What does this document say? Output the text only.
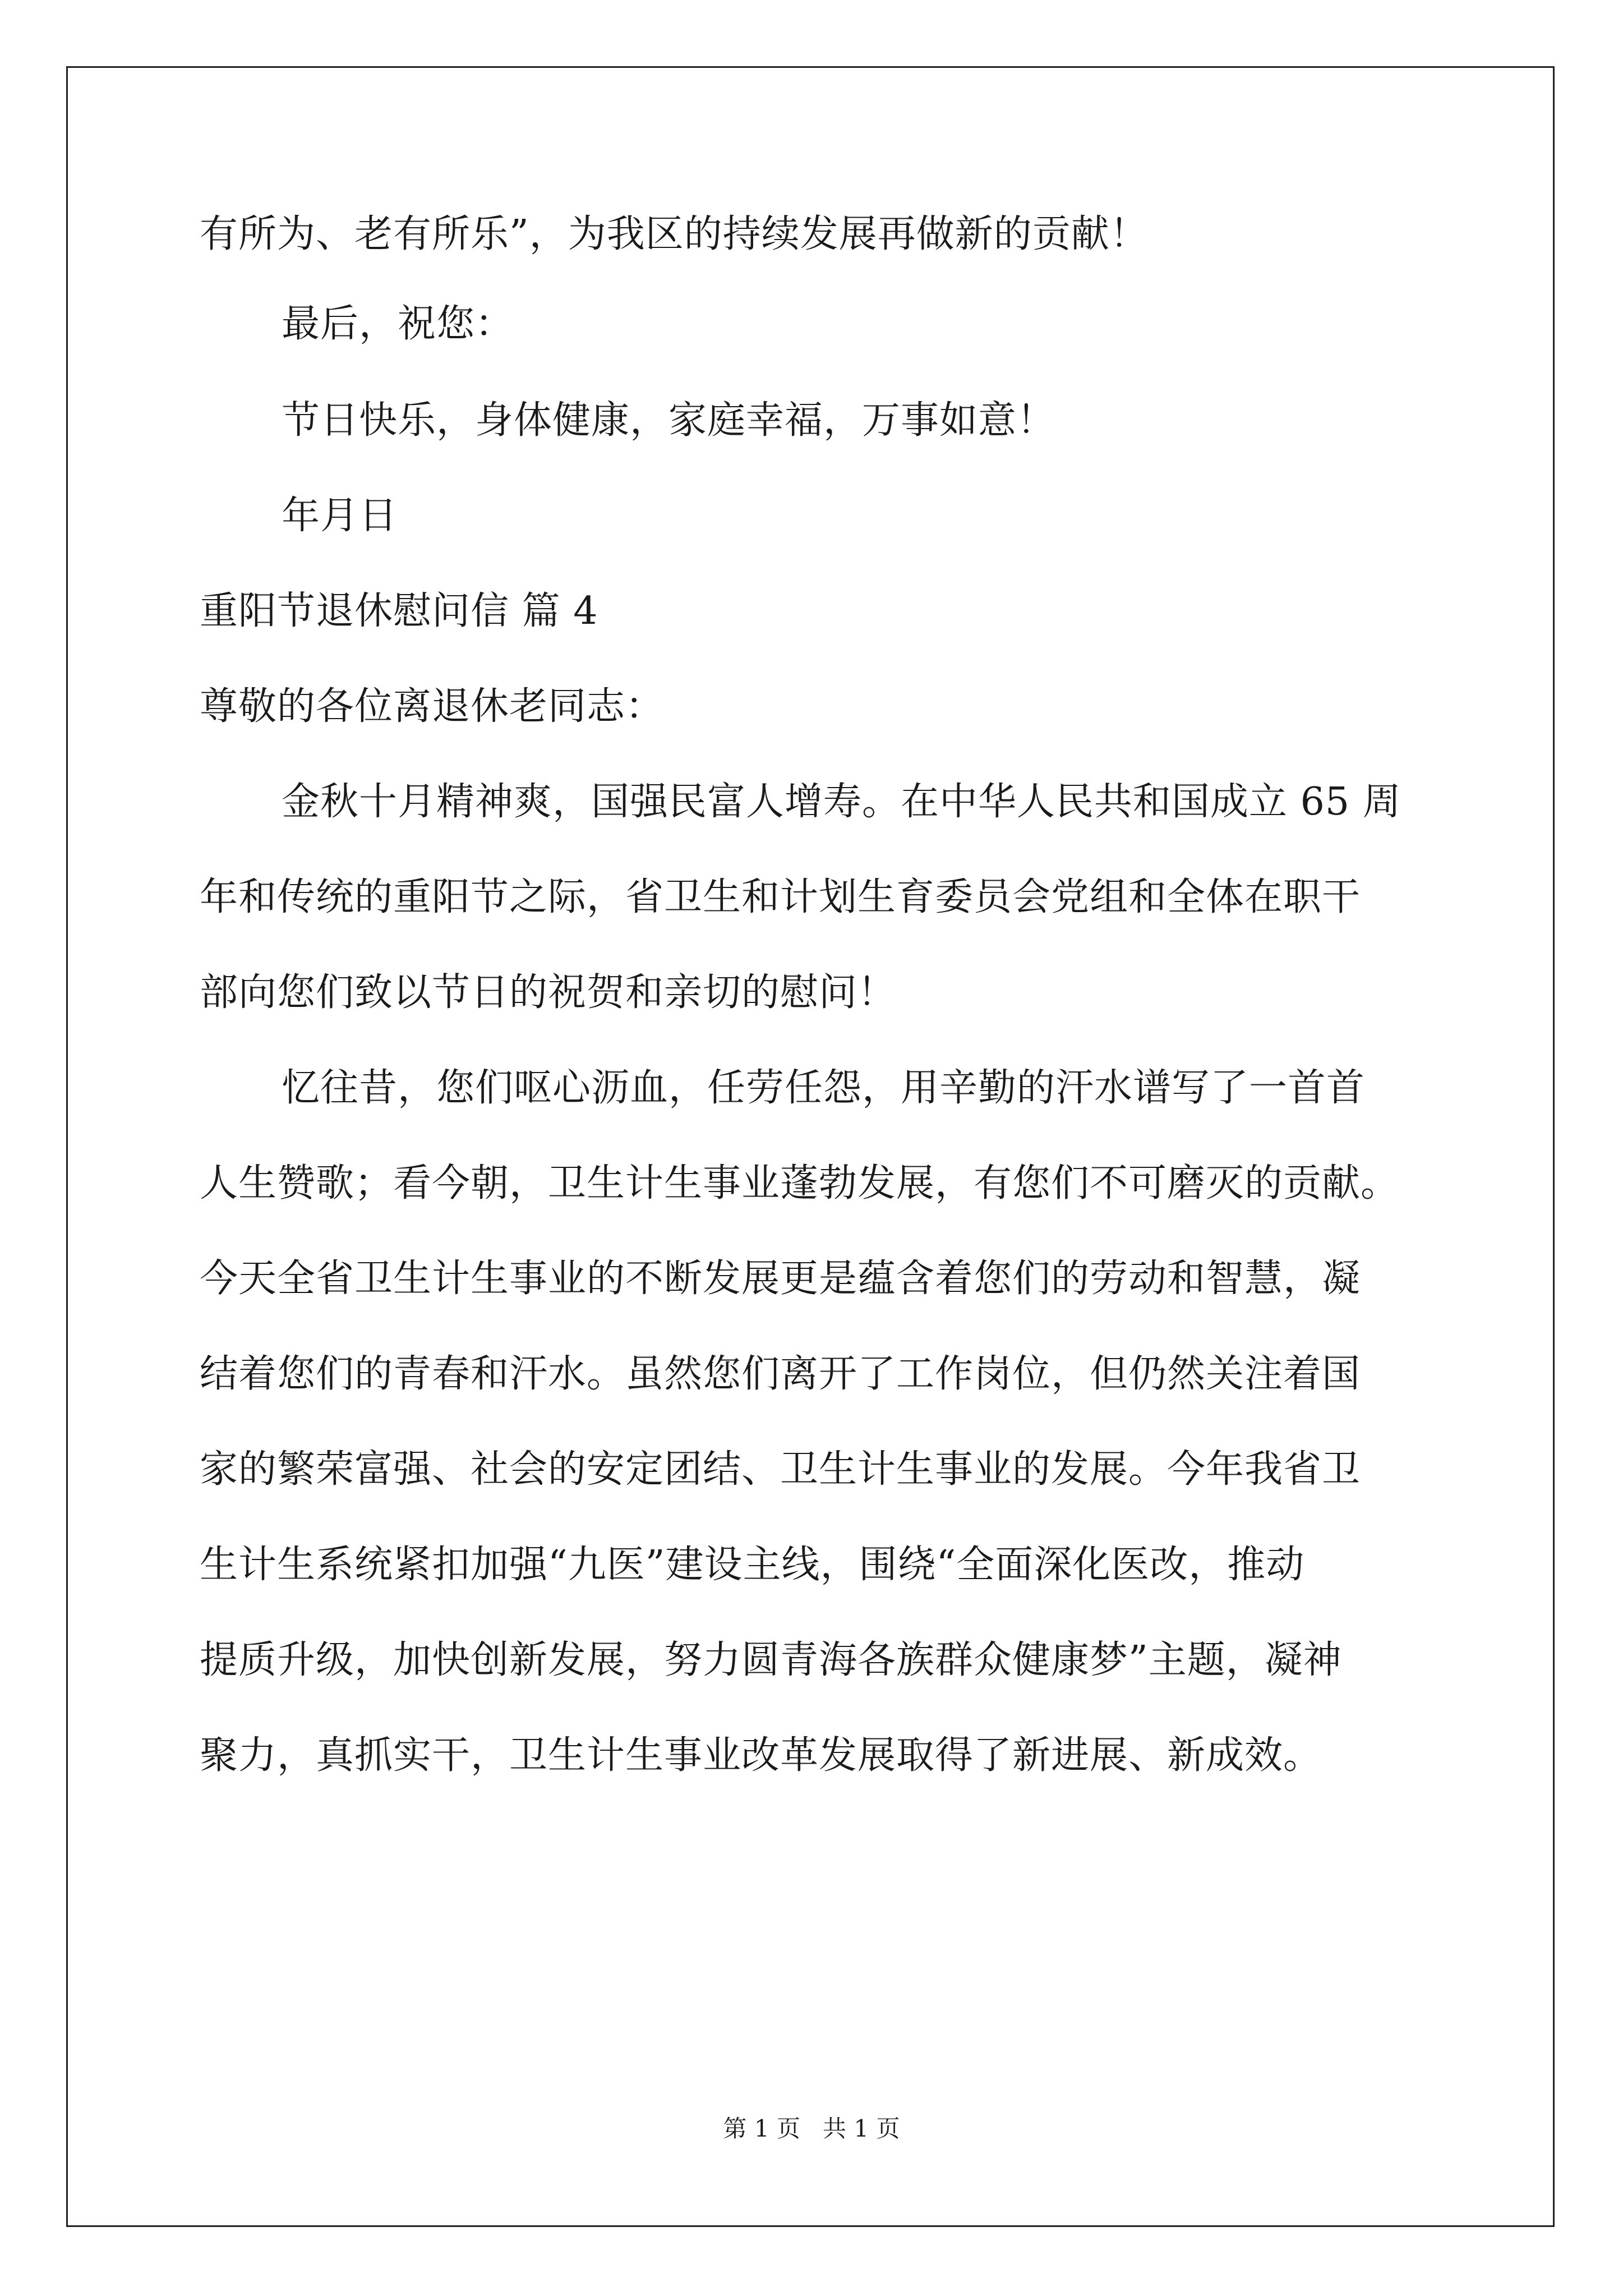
有所为、老有所乐”，为我区的持续发展再做新的贡献！
最后，祝您：
节日快乐，身体健康，家庭幸福，万事如意！
年月日
重阳节退休慰问信 篇 4
尊敬的各位离退休老同志：
金秋十月精神爽，国强民富人增寿。在中华人民共和国成立 65 周
年和传统的重阳节之际，省卫生和计划生育委员会党组和全体在职干
部向您们致以节日的祝贺和亲切的慰问！
忆往昔，您们呕心沥血，任劳任怨，用辛勤的汗水谱写了一首首
人生赞歌；看今朝，卫生计生事业蓬勃发展，有您们不可磨灭的贡献。
今天全省卫生计生事业的不断发展更是蕴含着您们的劳动和智慧，凝
结着您们的青春和汗水。虽然您们离开了工作岗位，但仍然关注着国
家的繁荣富强、社会的安定团结、卫生计生事业的发展。今年我省卫
生计生系统紧扣加强“九医”建设主线，围绕“全面深化医改，推动
提质升级，加快创新发展，努力圆青海各族群众健康梦”主题，凝神
聚力，真抓实干，卫生计生事业改革发展取得了新进展、新成效。
第 1 页   共 1 页
